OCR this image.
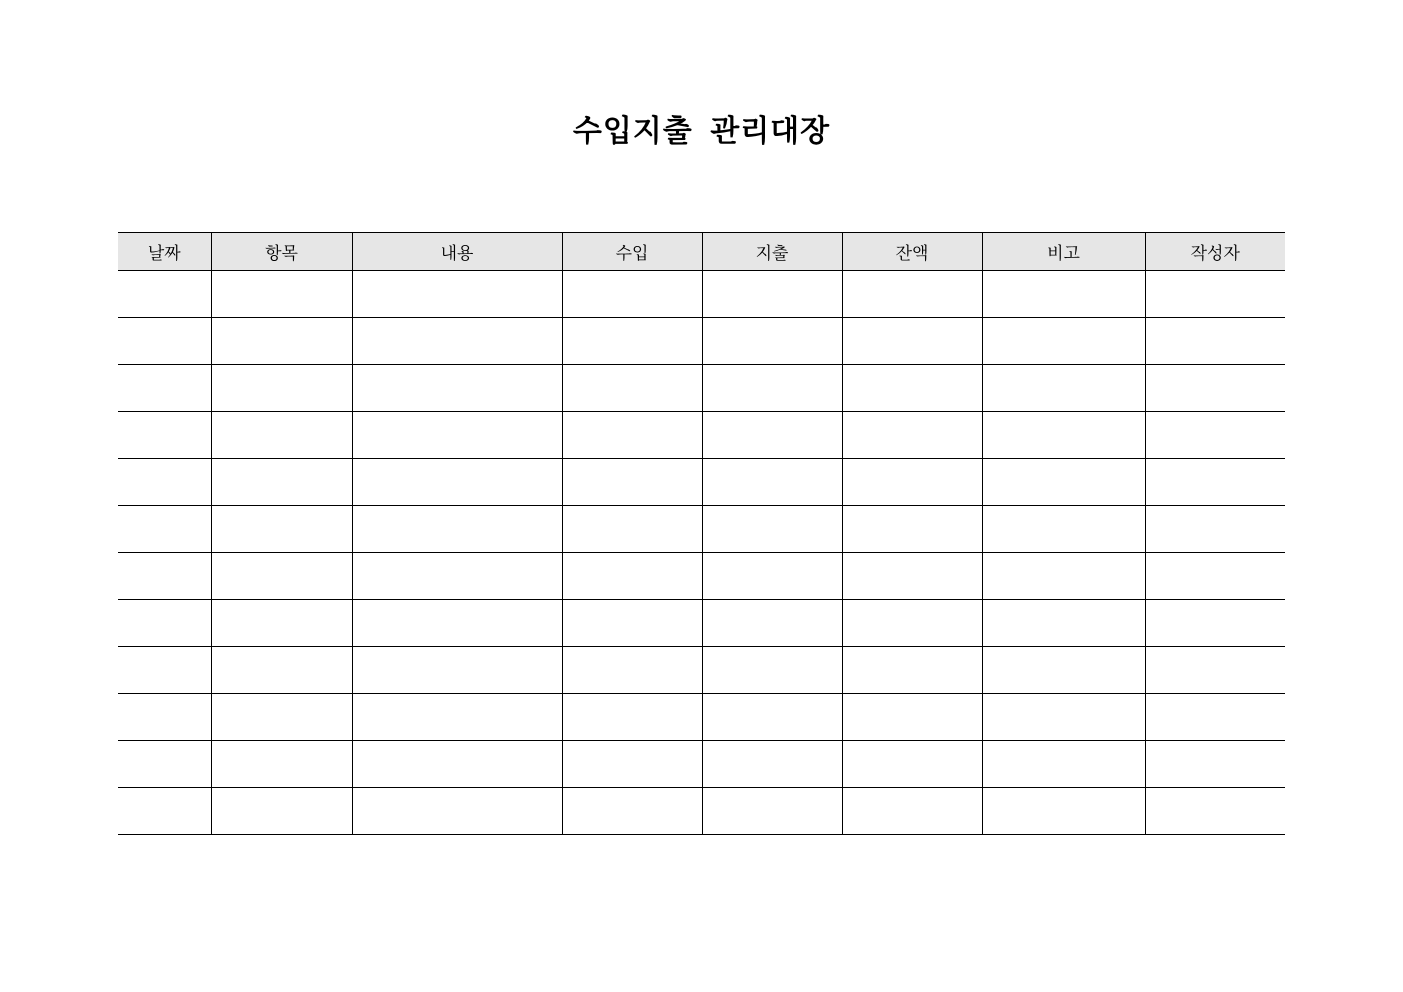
수입지출 관리대장
날짜	항목	내용	수입	지출	잔액	비고	작성자
